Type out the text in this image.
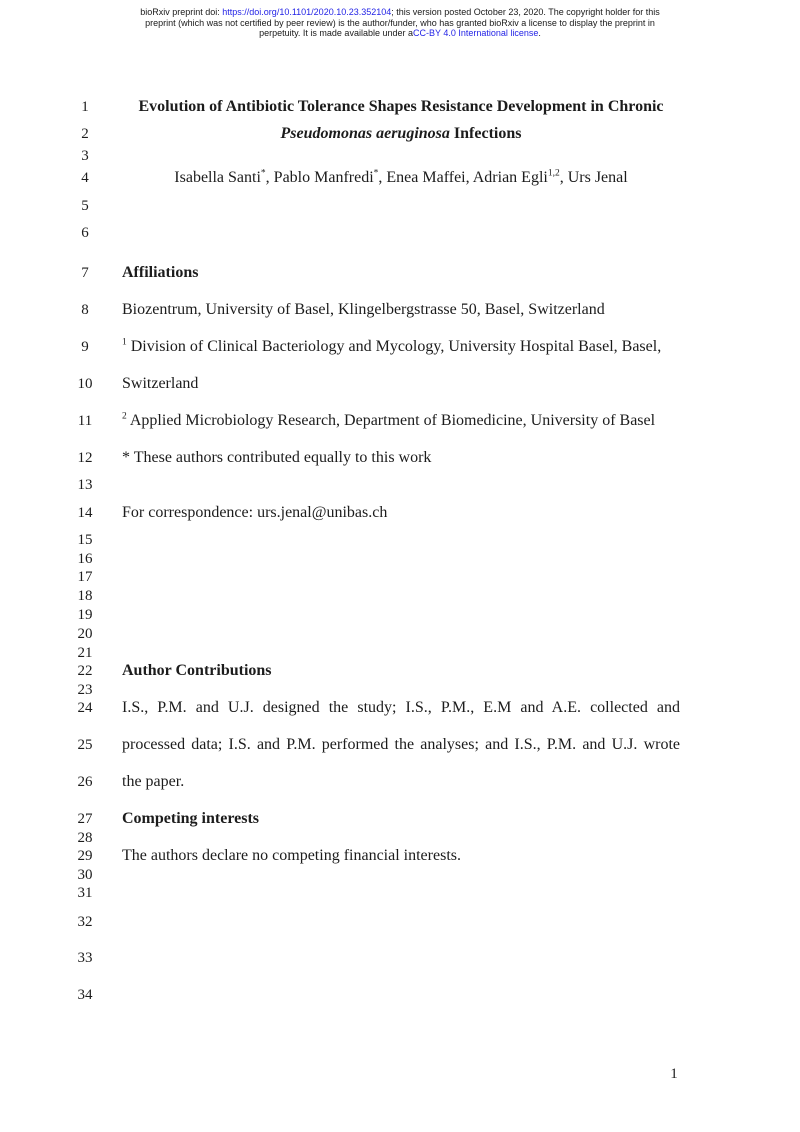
bioRxiv preprint doi: https://doi.org/10.1101/2020.10.23.352104; this version posted October 23, 2020. The copyright holder for this
preprint (which was not certified by peer review) is the author/funder, who has granted bioRxiv a license to display the preprint in
perpetuity. It is made available under aCC-BY 4.0 International license.
1	Evolution of Antibiotic Tolerance Shapes Resistance Development in Chronic
2	Pseudomonas aeruginosa Infections
3
4	Isabella Santi*, Pablo Manfredi*, Enea Maffei, Adrian Egli$^{1,2}$, Urs Jenal
5
6
7	Affiliations
8	Biozentrum, University of Basel, Klingelbergstrasse 50, Basel, Switzerland
9	$^1$ Division of Clinical Bacteriology and Mycology, University Hospital Basel, Basel,
10	Switzerland
11	$^2$ Applied Microbiology Research, Department of Biomedicine, University of Basel
12	* These authors contributed equally to this work
13
14	For correspondence: urs.jenal@unibas.ch
15
16
17
18
19
20
21
22	Author Contributions
23
24	I.S., P.M. and U.J. designed the study; I.S., P.M., E.M and A.E. collected and
25	processed data; I.S. and P.M. performed the analyses; and I.S., P.M. and U.J. wrote
26	the paper.
27	Competing interests
28
29	The authors declare no competing financial interests.
30
31
32
33
34
1
